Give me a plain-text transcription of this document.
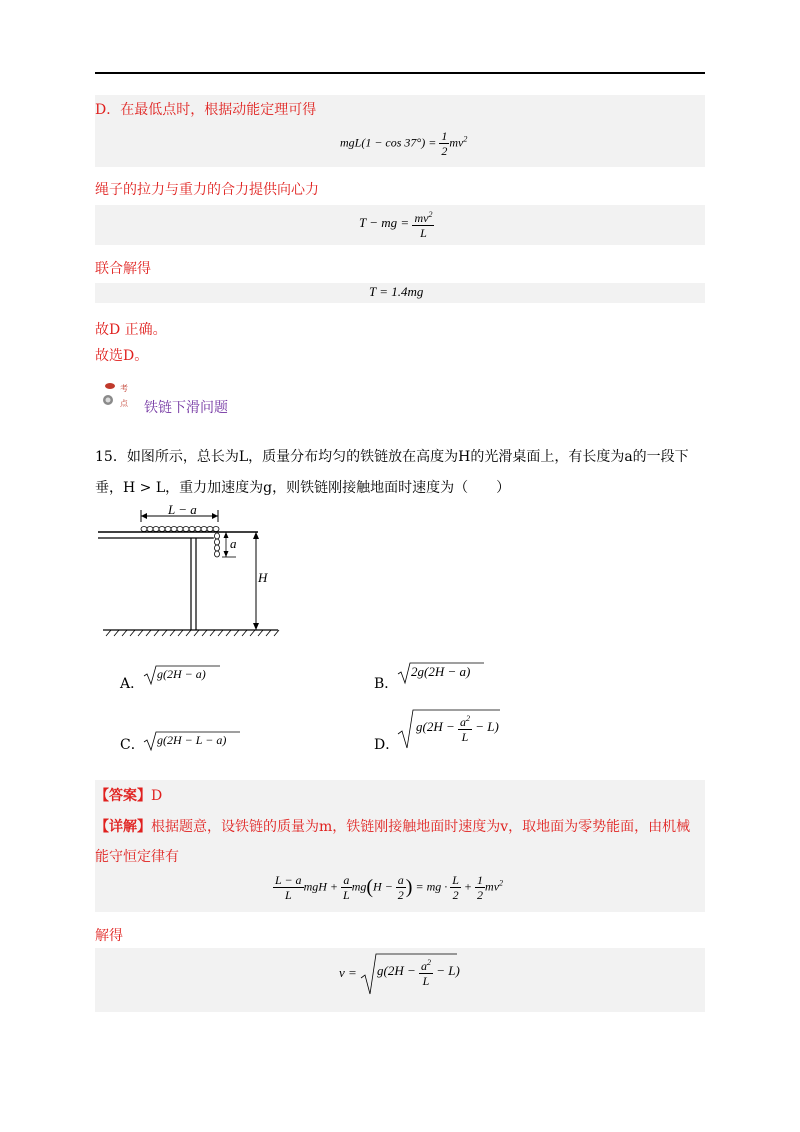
D．在最低点时，根据动能定理可得
$mgL(1 - \cos 37^\circ) = \frac{1}{2} mv^2$
绳子的拉力与重力的合力提供向心力
T − mg = $\frac{mv^2}{L}$
联合解得
T = 1.4mg
故D 正确。
故选D。
考
点 铁链下滑问题
15．如图所示，总长为L，质量分布均匀的铁链放在高度为H的光滑桌面上，有长度为a的一段下
垂，H > L，重力加速度为g，则铁链刚接触地面时速度为（　　）
L − a
a
H
A．
g(2H − a)
B．
2g(2H − a)
C． g(2H − L − a)	D．
$g(2H - \frac{a^2}{L} - L)$
【答案】D
【详解】根据题意，设铁链的质量为m，铁链刚接触地面时速度为v，取地面为零势能面，由机械
能守恒定律有
$\frac{L - a}{L}$ mgH + $\frac{a}{L} mg(H - \frac{a}{2}$ ) = mg · $\frac{L}{2} + \frac{1}{2} mv^2$
解得
$v = g(2H - \frac{a^2}{L} - L)$
